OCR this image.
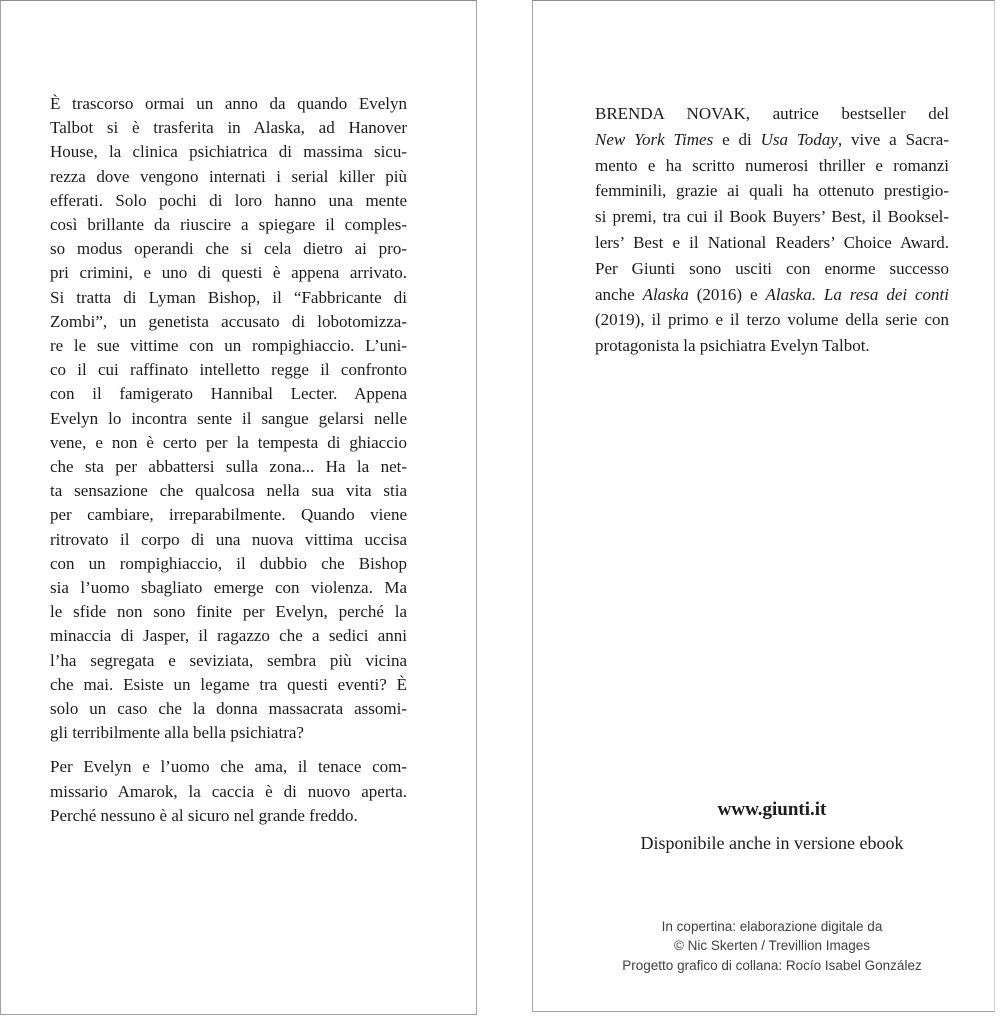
È trascorso ormai un anno da quando Evelyn
Talbot si è trasferita in Alaska, ad Hanover
House, la clinica psichiatrica di massima sicu-
rezza dove vengono internati i serial killer più
efferati. Solo pochi di loro hanno una mente
così brillante da riuscire a spiegare il comples-
so modus operandi che si cela dietro ai pro-
pri crimini, e uno di questi è appena arrivato.
Si tratta di Lyman Bishop, il “Fabbricante di
Zombi”, un genetista accusato di lobotomizza-
re le sue vittime con un rompighiaccio. L’uni-
co il cui raffinato intelletto regge il confronto
con il famigerato Hannibal Lecter. Appena
Evelyn lo incontra sente il sangue gelarsi nelle
vene, e non è certo per la tempesta di ghiaccio
che sta per abbattersi sulla zona... Ha la net-
ta sensazione che qualcosa nella sua vita stia
per cambiare, irreparabilmente. Quando viene
ritrovato il corpo di una nuova vittima uccisa
con un rompighiaccio, il dubbio che Bishop
sia l’uomo sbagliato emerge con violenza. Ma
le sfide non sono finite per Evelyn, perché la
minaccia di Jasper, il ragazzo che a sedici anni
l’ha segregata e seviziata, sembra più vicina
che mai. Esiste un legame tra questi eventi? È
solo un caso che la donna massacrata assomi-
gli terribilmente alla bella psichiatra?
Per Evelyn e l’uomo che ama, il tenace com-
missario Amarok, la caccia è di nuovo aperta.
Perché nessuno è al sicuro nel grande freddo.
BRENDA NOVAK, autrice bestseller del
New York Times e di Usa Today, vive a Sacra-
mento e ha scritto numerosi thriller e romanzi
femminili, grazie ai quali ha ottenuto prestigio-
si premi, tra cui il Book Buyers’ Best, il Booksel-
lers’ Best e il National Readers’ Choice Award.
Per Giunti sono usciti con enorme successo
anche Alaska (2016) e Alaska. La resa dei conti
(2019), il primo e il terzo volume della serie con
protagonista la psichiatra Evelyn Talbot.
www.giunti.it
Disponibile anche in versione ebook
In copertina: elaborazione digitale da
© Nic Skerten / Trevillion Images
Progetto grafico di collana: Rocío Isabel González
